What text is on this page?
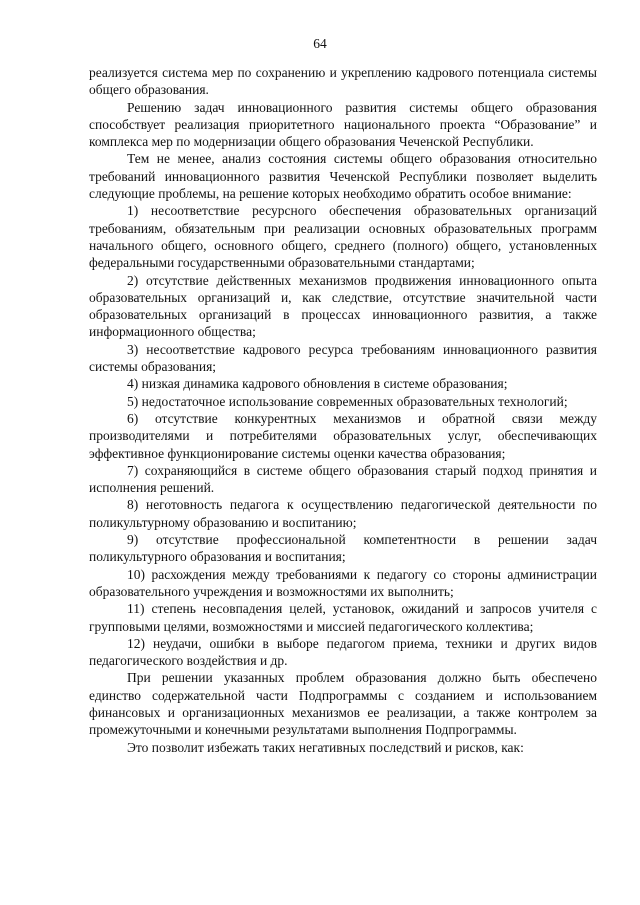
64

реализуется система мер по сохранению и укреплению кадрового потенциала системы общего образования.

Решению задач инновационного развития системы общего образования способствует реализация приоритетного национального проекта “Образование” и комплекса мер по модернизации общего образования Чеченской Республики.

Тем не менее, анализ состояния системы общего образования относительно требований инновационного развития Чеченской Республики позволяет выделить следующие проблемы, на решение которых необходимо обратить особое внимание:

1) несоответствие ресурсного обеспечения образовательных организаций требованиям, обязательным при реализации основных образовательных программ начального общего, основного общего, среднего (полного) общего, установленных федеральными государственными образовательными стандартами;

2) отсутствие действенных механизмов продвижения инновационного опыта образовательных организаций и, как следствие, отсутствие значительной части образовательных организаций в процессах инновационного развития, а также информационного общества;

3) несоответствие кадрового ресурса требованиям инновационного развития системы образования;

4) низкая динамика кадрового обновления в системе образования;

5) недостаточное использование современных образовательных технологий;

6) отсутствие конкурентных механизмов и обратной связи между производителями и потребителями образовательных услуг, обеспечивающих эффективное функционирование системы оценки качества образования;

7) сохраняющийся в системе общего образования старый подход принятия и исполнения решений.

8) неготовность педагога к осуществлению педагогической деятельности по поликультурному образованию и воспитанию;

9) отсутствие профессиональной компетентности в решении задач поликультурного образования и воспитания;

10) расхождения между требованиями к педагогу со стороны администрации образовательного учреждения и возможностями их выполнить;

11) степень несовпадения целей, установок, ожиданий и запросов учителя с групповыми целями, возможностями и миссией педагогического коллектива;

12) неудачи, ошибки в выборе педагогом приема, техники и других видов педагогического воздействия и др.

При решении указанных проблем образования должно быть обеспечено единство содержательной части Подпрограммы с созданием и использованием финансовых и организационных механизмов ее реализации, а также контролем за промежуточными и конечными результатами выполнения Подпрограммы.

Это позволит избежать таких негативных последствий и рисков, как:
